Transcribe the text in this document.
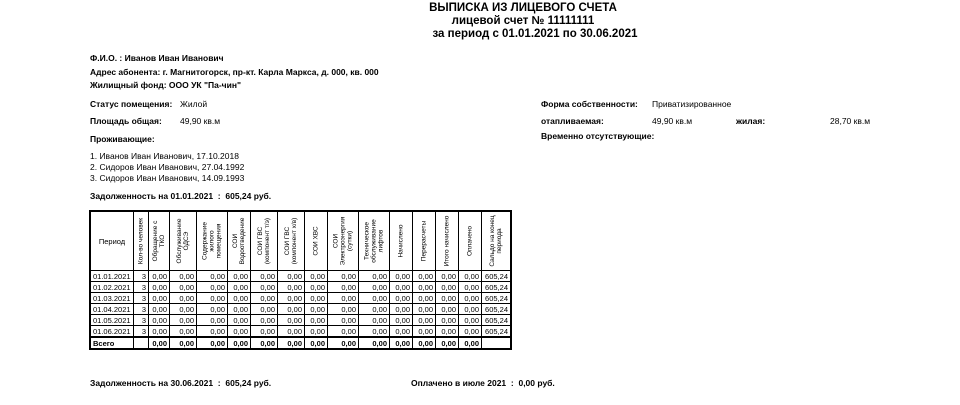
ВЫПИСКА ИЗ ЛИЦЕВОГО СЧЕТА
лицевой счет № 11111111
за период с 01.01.2021 по 30.06.2021
Ф.И.О. : Иванов Иван Иванович
Адрес абонента: г. Магнитогорск, пр-кт. Карла Маркса, д. 000, кв. 000
Жилищный фонд: ООО УК "Па-чин"
Статус помещения: Жилой
Площадь общая: 49,90 кв.м
Форма собственности: Приватизированное
отапливаемая:	49,90 кв.м	жилая:	28,70 кв.м
Временно отсутствующие:
Проживающие:
1. Иванов Иван Иванович, 17.10.2018
2. Сидоров Иван Иванович, 27.04.1992
3. Сидоров Иван Иванович, 14.09.1993
Задолженность на 01.01.2021 : 605,24 руб.
Период	Кол-во человек	Обращение с ТКО	Обслуживание ОДСЭ	Содержание жилого помещения	СОИ Водоотведение	СОИ ГВС (компонент т/э)	СОИ ГВС (компонент х/в)	СОИ ХВС	СОИ Электроэнергия (сутки)	Техническое обслуживание лифтов	Начислено	Перерасчеты	Итого начислено	Оплачено	Сальдо на конец периода

01.01.2021	3	0,00	0,00	0,00	0,00	0,00	0,00	0,00	0,00	0,00	0,00	0,00	0,00	0,00	605,24
01.02.2021	3	0,00	0,00	0,00	0,00	0,00	0,00	0,00	0,00	0,00	0,00	0,00	0,00	0,00	605,24
01.03.2021	3	0,00	0,00	0,00	0,00	0,00	0,00	0,00	0,00	0,00	0,00	0,00	0,00	0,00	605,24
01.04.2021	3	0,00	0,00	0,00	0,00	0,00	0,00	0,00	0,00	0,00	0,00	0,00	0,00	0,00	605,24
01.05.2021	3	0,00	0,00	0,00	0,00	0,00	0,00	0,00	0,00	0,00	0,00	0,00	0,00	0,00	605,24
01.06.2021	3	0,00	0,00	0,00	0,00	0,00	0,00	0,00	0,00	0,00	0,00	0,00	0,00	0,00	605,24
Всего		0,00	0,00	0,00	0,00	0,00	0,00	0,00	0,00	0,00	0,00	0,00	0,00	0,00	
Задолженность на 30.06.2021 : 605,24 руб.	Оплачено в июле 2021 : 0,00 руб.
